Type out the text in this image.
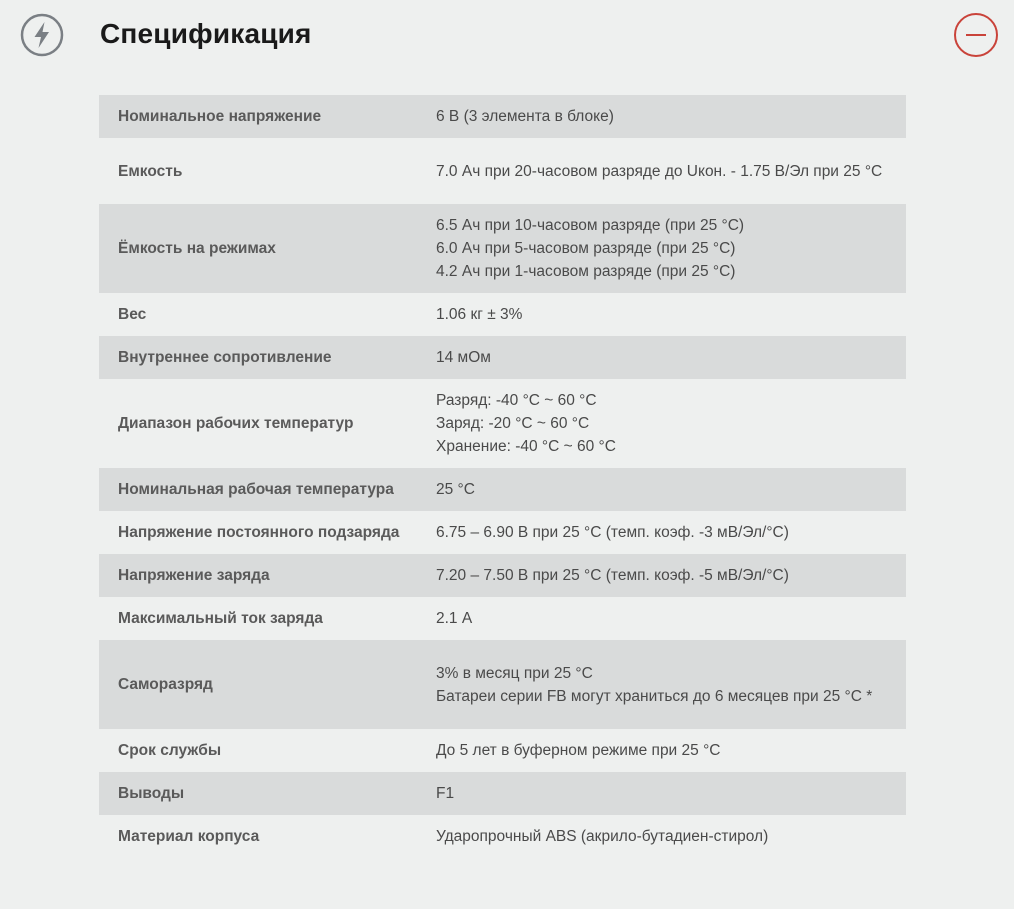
Спецификация
Номинальное напряжение	6 В (3 элемента в блоке)

Емкость	7.0 Ач при 20-часовом разряде до Uкон. - 1.75 В/Эл при 25 °С

Ёмкость на режимах	6.5 Ач при 10-часовом разряде (при 25 °С)
6.0 Ач при 5-часовом разряде (при 25 °С)
4.2 Ач при 1-часовом разряде (при 25 °С)

Вес	1.06 кг ± 3%

Внутреннее сопротивление	14 мОм

Диапазон рабочих температур	Разряд: -40 °С ~ 60 °С
Заряд: -20 °С ~ 60 °С
Хранение: -40 °С ~ 60 °С

Номинальная рабочая температура	25 °С

Напряжение постоянного подзаряда	6.75 – 6.90 В при 25 °С (темп. коэф. -3 мВ/Эл/°С)

Напряжение заряда	7.20 – 7.50 В при 25 °С (темп. коэф. -5 мВ/Эл/°С)

Максимальный ток заряда	2.1 А

Саморазряд	3% в месяц при 25 °С
Батареи серии FB могут храниться до 6 месяцев при 25 °С *

Срок службы	До 5 лет в буферном режиме при 25 °С

Выводы	F1

Материал корпуса	Ударопрочный ABS (акрило-бутадиен-стирол)
